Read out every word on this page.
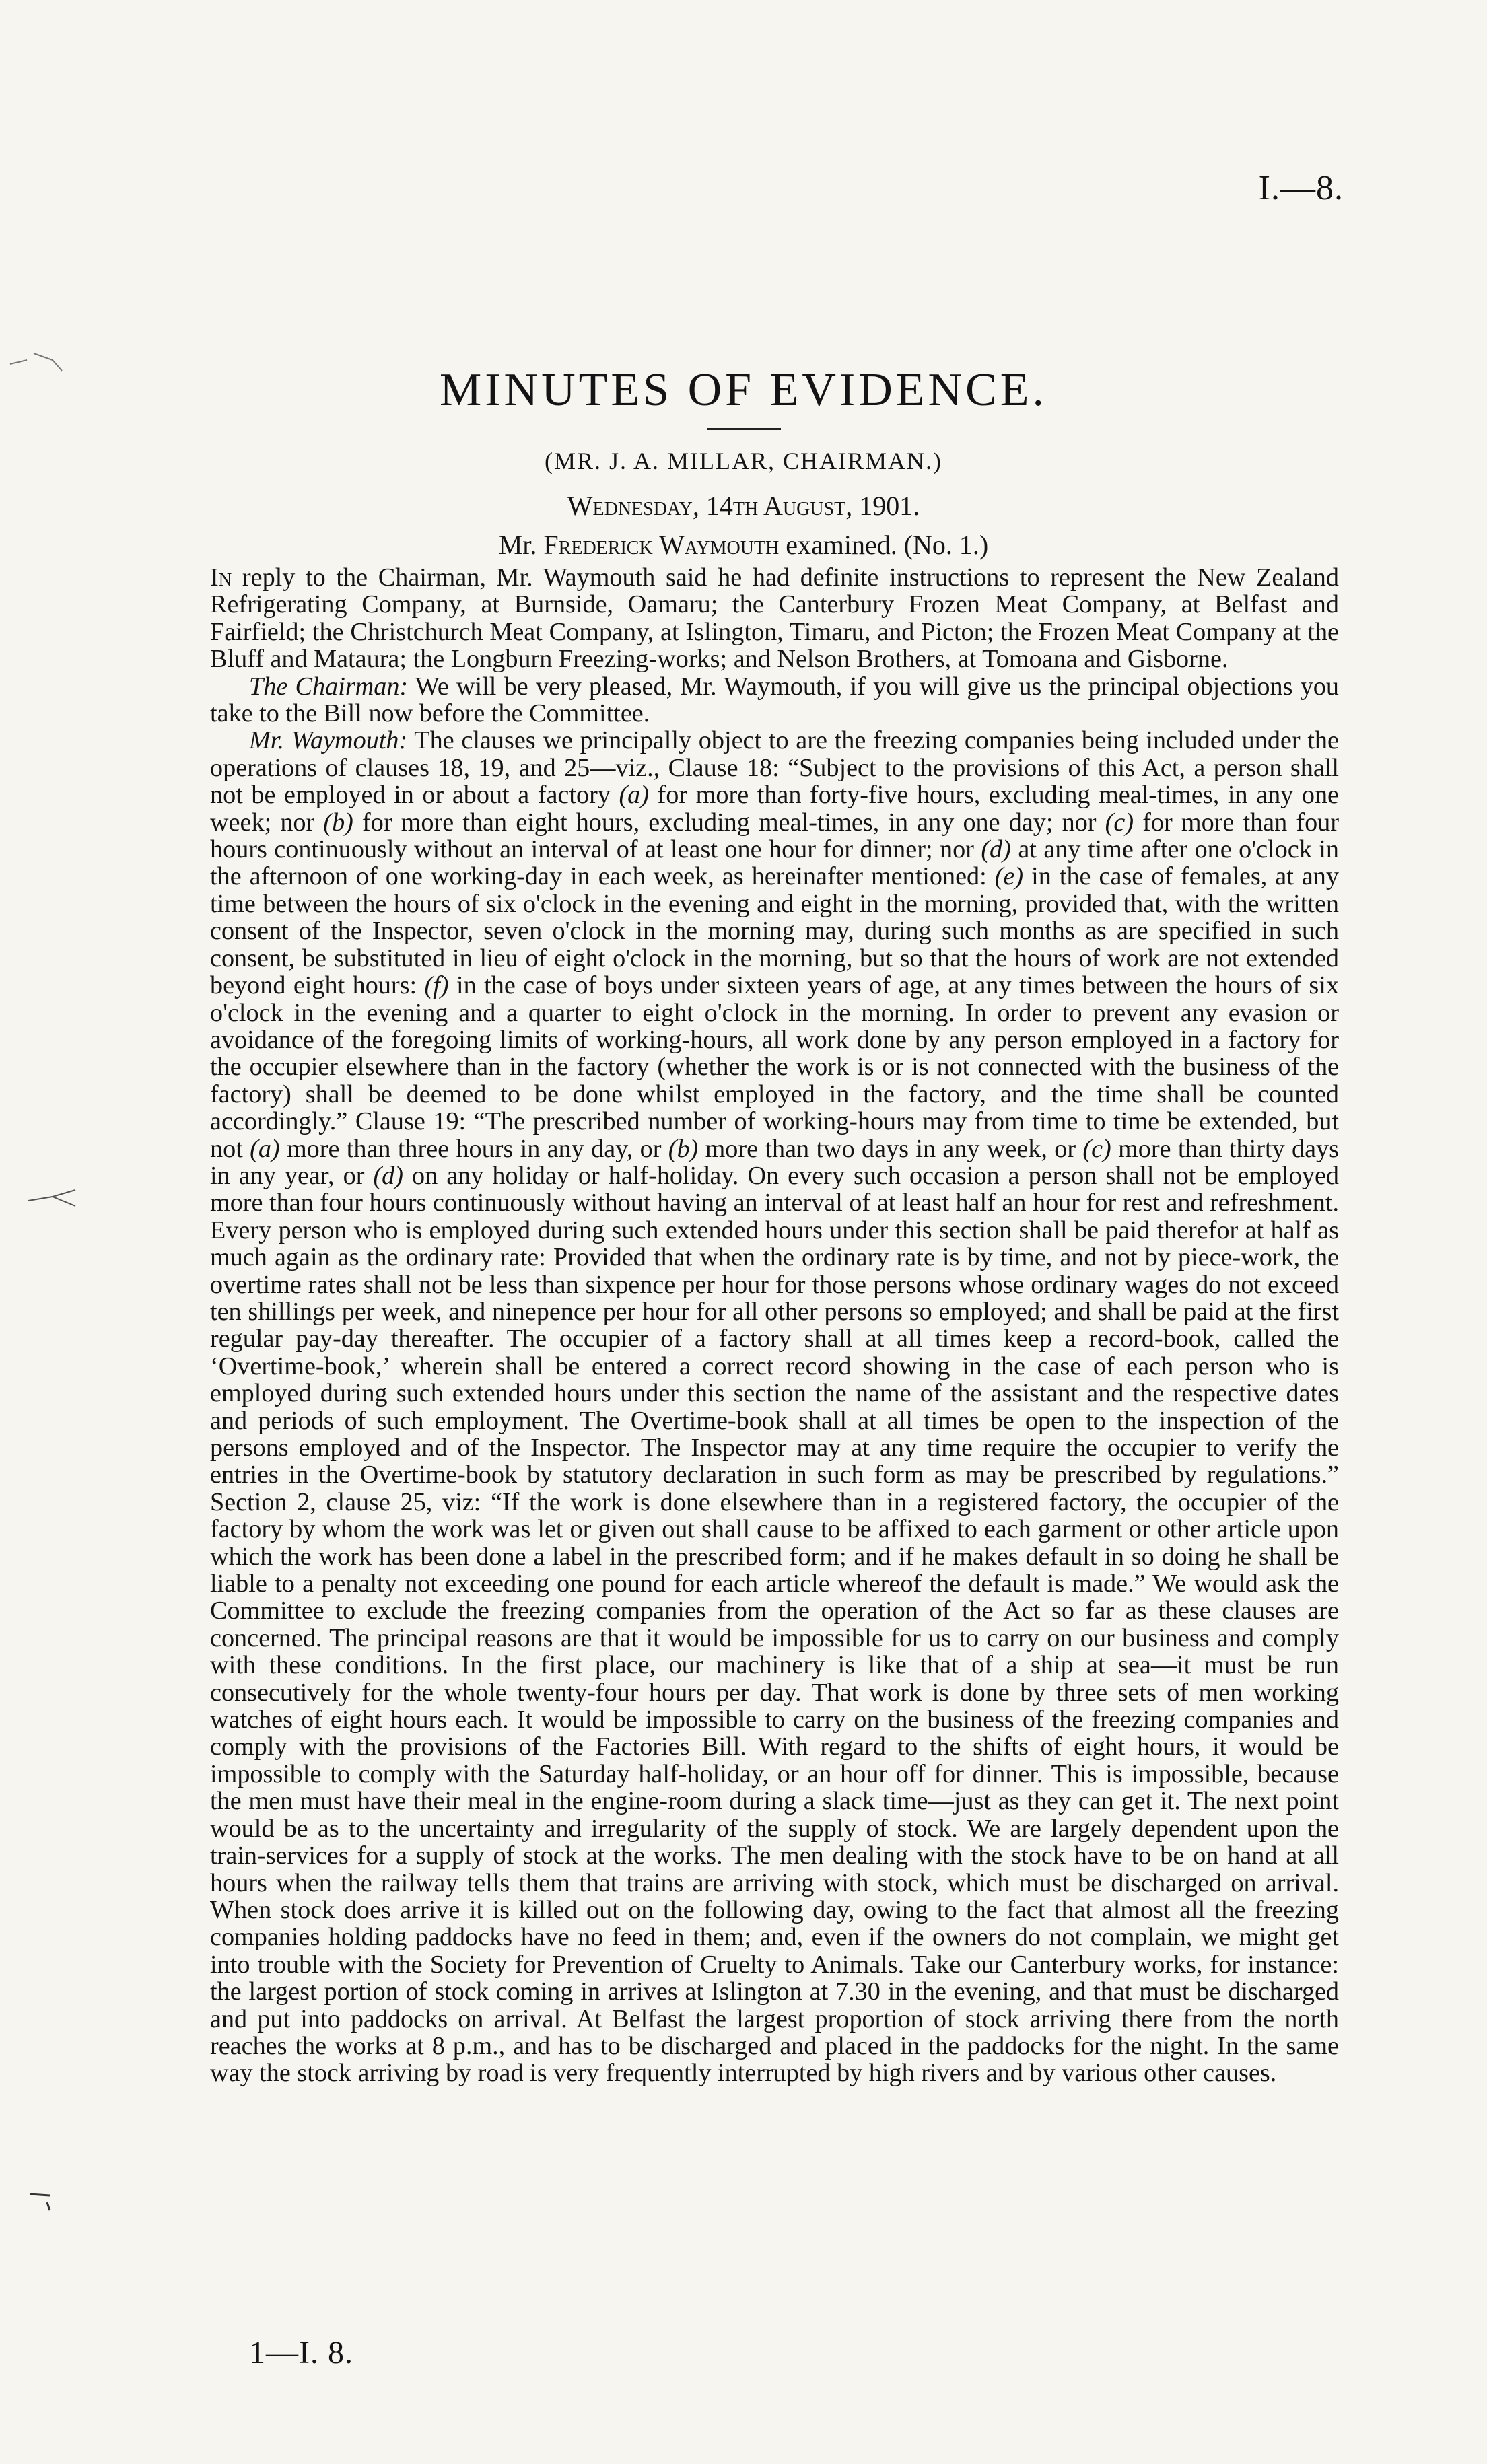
I.—8.
MINUTES OF EVIDENCE.
(MR. J. A. MILLAR, CHAIRMAN.)
Wednesday, 14th August, 1901.
Mr. Frederick Waymouth examined. (No. 1.)

In reply to the Chairman, Mr. Waymouth said he had definite instructions to represent the New Zealand Refrigerating Company, at Burnside, Oamaru; the Canterbury Frozen Meat Company, at Belfast and Fairfield; the Christchurch Meat Company, at Islington, Timaru, and Picton; the Frozen Meat Company at the Bluff and Mataura; the Longburn Freezing-works; and Nelson Brothers, at Tomoana and Gisborne.

The Chairman: We will be very pleased, Mr. Waymouth, if you will give us the principal objections you take to the Bill now before the Committee.

Mr. Waymouth: The clauses we principally object to are the freezing companies being included under the operations of clauses 18, 19, and 25—viz., Clause 18: “Subject to the provisions of this Act, a person shall not be employed in or about a factory (a) for more than forty-five hours, excluding meal-times, in any one week; nor (b) for more than eight hours, excluding meal-times, in any one day; nor (c) for more than four hours continuously without an interval of at least one hour for dinner; nor (d) at any time after one o'clock in the afternoon of one working-day in each week, as hereinafter mentioned: (e) in the case of females, at any time between the hours of six o'clock in the evening and eight in the morning, provided that, with the written consent of the Inspector, seven o'clock in the morning may, during such months as are specified in such consent, be substituted in lieu of eight o'clock in the morning, but so that the hours of work are not extended beyond eight hours: (f) in the case of boys under sixteen years of age, at any times between the hours of six o'clock in the evening and a quarter to eight o'clock in the morning. In order to prevent any evasion or avoidance of the foregoing limits of working-hours, all work done by any person employed in a factory for the occupier elsewhere than in the factory (whether the work is or is not connected with the business of the factory) shall be deemed to be done whilst employed in the factory, and the time shall be counted accordingly.” Clause 19: “The prescribed number of working-hours may from time to time be extended, but not (a) more than three hours in any day, or (b) more than two days in any week, or (c) more than thirty days in any year, or (d) on any holiday or half-holiday. On every such occasion a person shall not be employed more than four hours continuously without having an interval of at least half an hour for rest and refreshment. Every person who is employed during such extended hours under this section shall be paid therefor at half as much again as the ordinary rate: Provided that when the ordinary rate is by time, and not by piece-work, the overtime rates shall not be less than sixpence per hour for those persons whose ordinary wages do not exceed ten shillings per week, and ninepence per hour for all other persons so employed; and shall be paid at the first regular pay-day thereafter. The occupier of a factory shall at all times keep a record-book, called the ‘Overtime-book,’ wherein shall be entered a correct record showing in the case of each person who is employed during such extended hours under this section the name of the assistant and the respective dates and periods of such employment. The Overtime-book shall at all times be open to the inspection of the persons employed and of the Inspector. The Inspector may at any time require the occupier to verify the entries in the Overtime-book by statutory declaration in such form as may be prescribed by regulations.” Section 2, clause 25, viz: “If the work is done elsewhere than in a registered factory, the occupier of the factory by whom the work was let or given out shall cause to be affixed to each garment or other article upon which the work has been done a label in the prescribed form; and if he makes default in so doing he shall be liable to a penalty not exceeding one pound for each article whereof the default is made.” We would ask the Committee to exclude the freezing companies from the operation of the Act so far as these clauses are concerned. The principal reasons are that it would be impossible for us to carry on our business and comply with these conditions. In the first place, our machinery is like that of a ship at sea—it must be run consecutively for the whole twenty-four hours per day. That work is done by three sets of men working watches of eight hours each. It would be impossible to carry on the business of the freezing companies and comply with the provisions of the Factories Bill. With regard to the shifts of eight hours, it would be impossible to comply with the Saturday half-holiday, or an hour off for dinner. This is impossible, because the men must have their meal in the engine-room during a slack time—just as they can get it. The next point would be as to the uncertainty and irregularity of the supply of stock. We are largely dependent upon the train-services for a supply of stock at the works. The men dealing with the stock have to be on hand at all hours when the railway tells them that trains are arriving with stock, which must be discharged on arrival. When stock does arrive it is killed out on the following day, owing to the fact that almost all the freezing companies holding paddocks have no feed in them; and, even if the owners do not complain, we might get into trouble with the Society for Prevention of Cruelty to Animals. Take our Canterbury works, for instance: the largest portion of stock coming in arrives at Islington at 7.30 in the evening, and that must be discharged and put into paddocks on arrival. At Belfast the largest proportion of stock arriving there from the north reaches the works at 8 p.m., and has to be discharged and placed in the paddocks for the night. In the same way the stock arriving by road is very frequently interrupted by high rivers and by various other causes.

1—I. 8.
